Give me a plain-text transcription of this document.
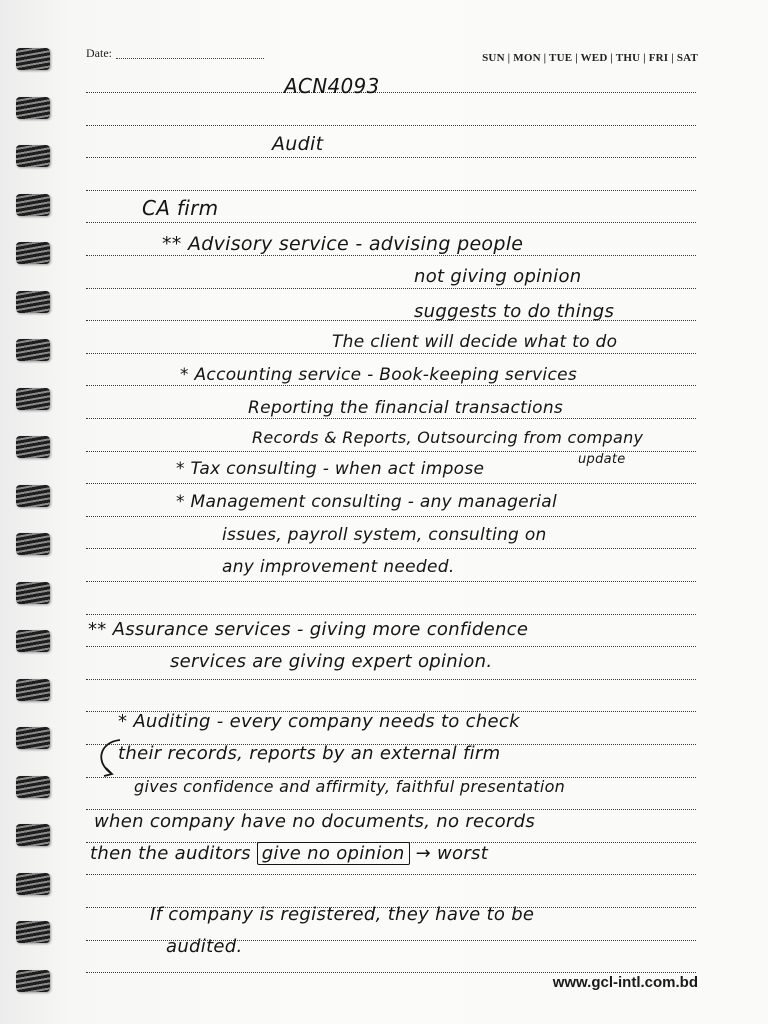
Date:	SUN | MON | TUE | WED | THU | FRI | SAT
ACN4093
Audit
CA firm
** Advisory service - advising people
not giving opinion
suggests to do things
The client will decide what to do
* Accounting service - Book-keeping services
Reporting the financial transactions
Records & Reports, Outsourcing from company
* Tax consulting - when act impose	update
* Management consulting - any managerial
issues, payroll system, consulting on
any improvement needed.
** Assurance services - giving more confidence
services are giving expert opinion.
* Auditing - every company needs to check
their records, reports by an external firm
gives confidence and affirmity, faithful presentation
when company have no documents, no records
then the auditors give no opinion → worst
If company is registered, they have to be
audited.
www.gcl-intl.com.bd
